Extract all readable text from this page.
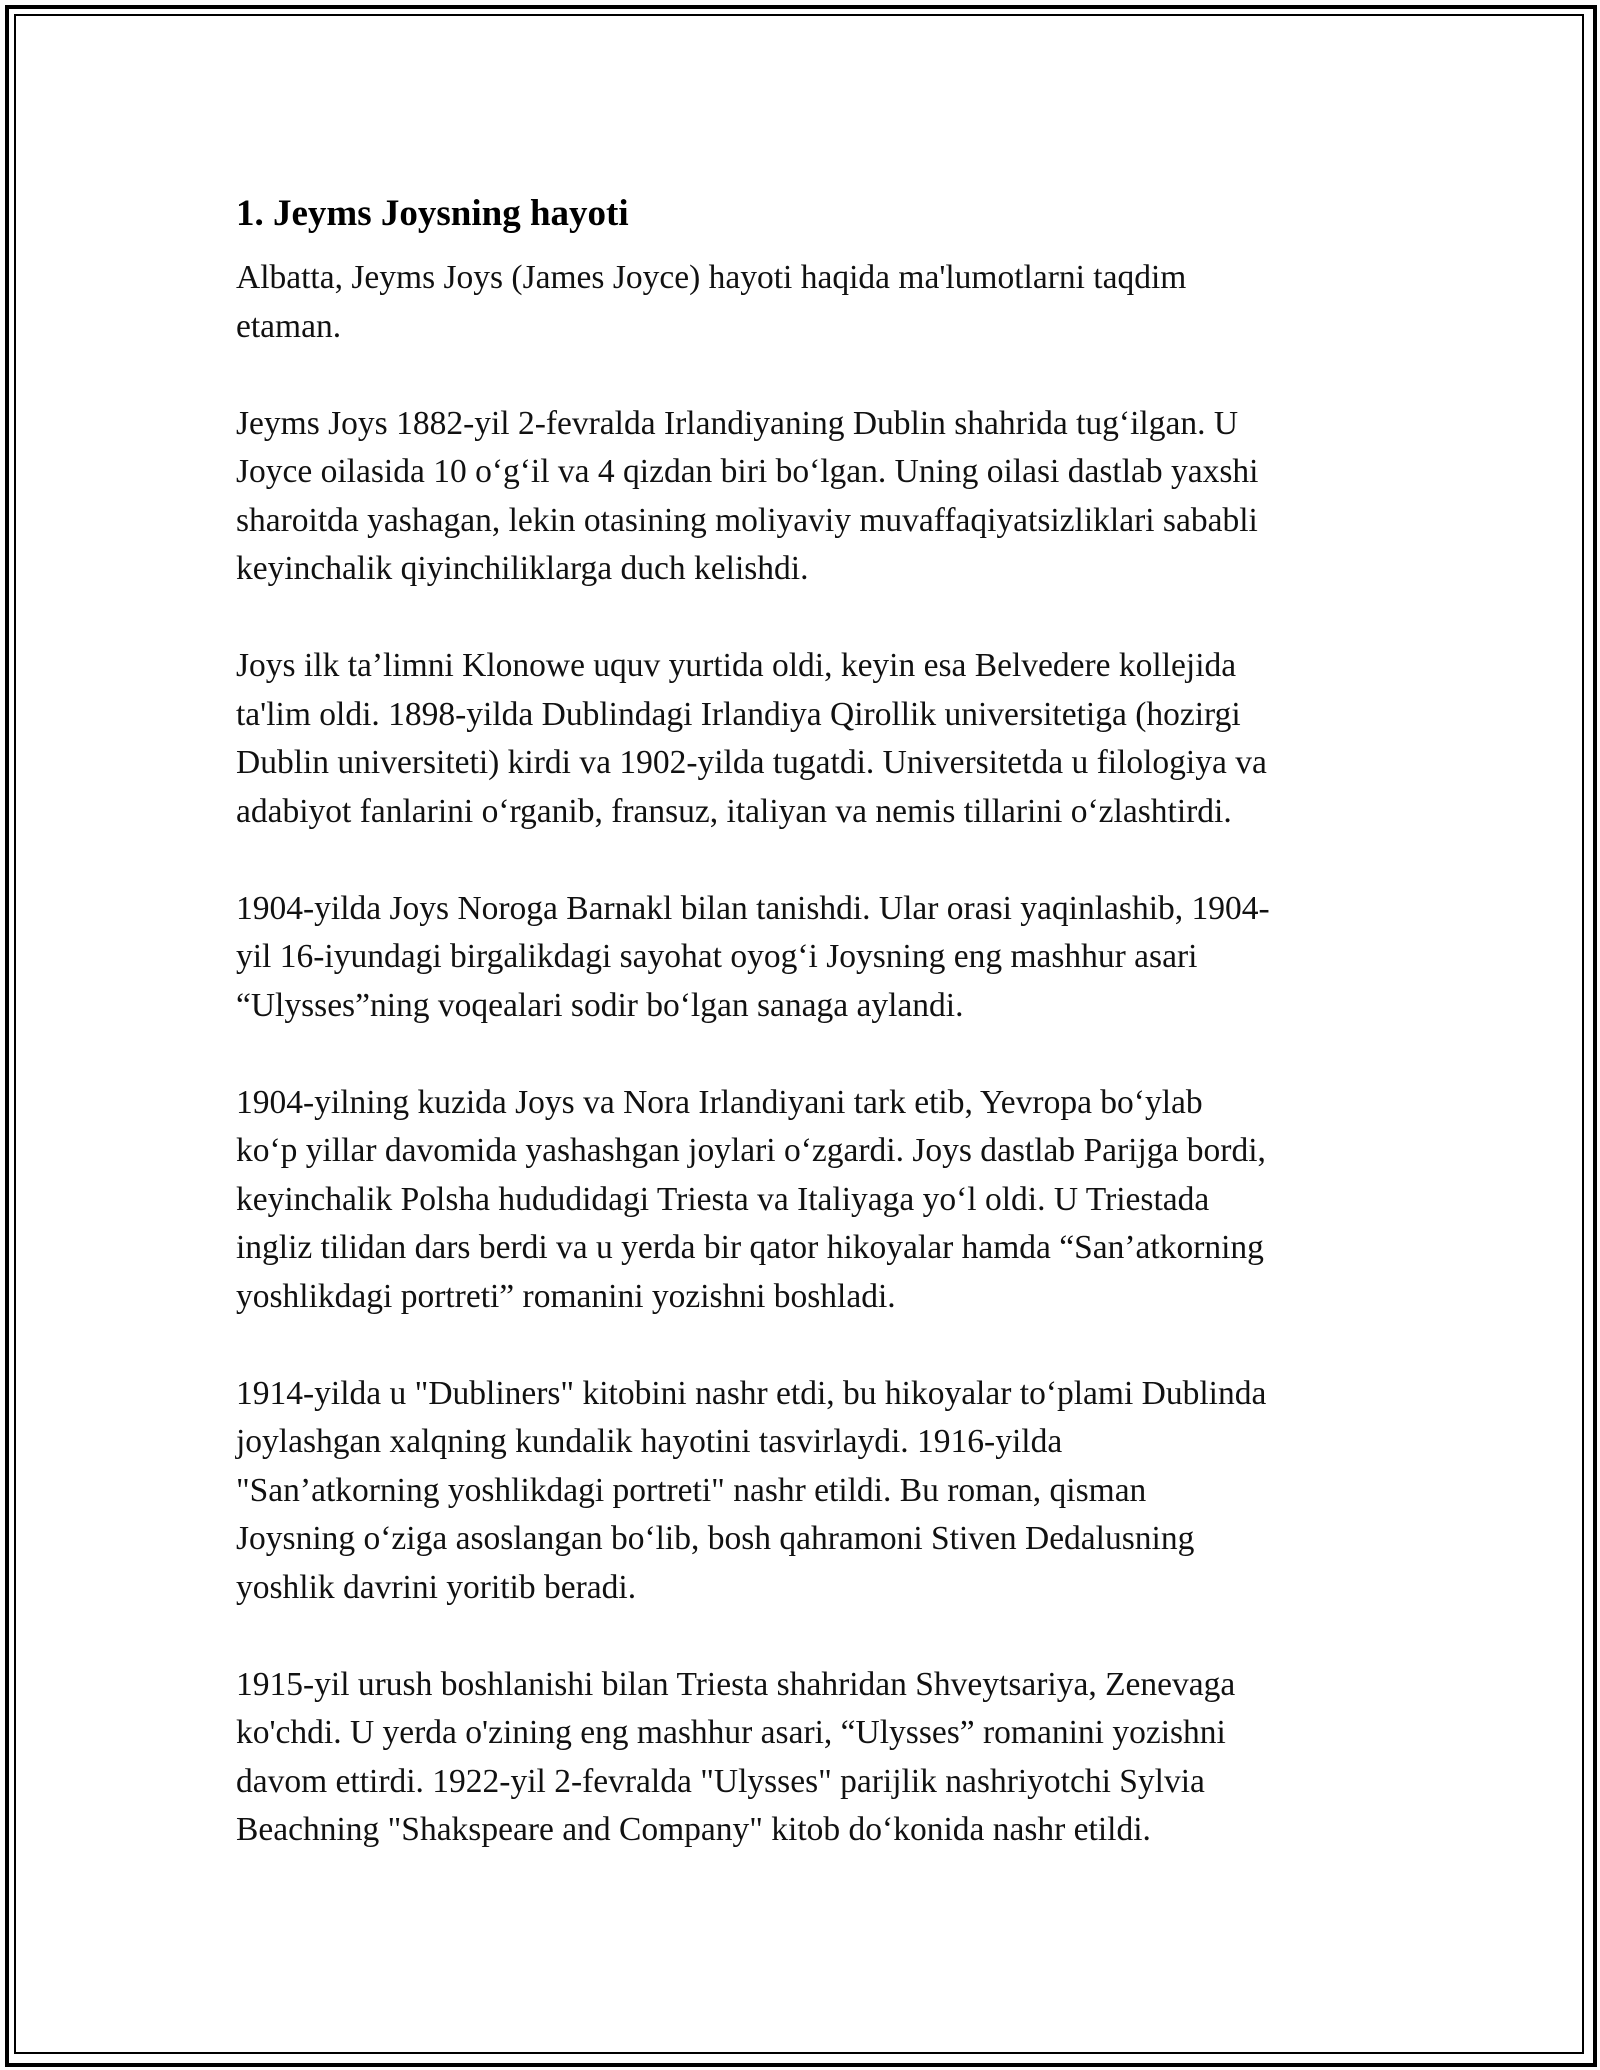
1. Jeyms Joysning hayoti

Albatta, Jeyms Joys (James Joyce) hayoti haqida ma'lumotlarni taqdim
etaman.

Jeyms Joys 1882-yil 2-fevralda Irlandiyaning Dublin shahrida tug‘ilgan. U
Joyce oilasida 10 o‘g‘il va 4 qizdan biri bo‘lgan. Uning oilasi dastlab yaxshi
sharoitda yashagan, lekin otasining moliyaviy muvaffaqiyatsizliklari sababli
keyinchalik qiyinchiliklarga duch kelishdi.

Joys ilk ta’limni Klonowe uquv yurtida oldi, keyin esa Belvedere kollejida
ta'lim oldi. 1898-yilda Dublindagi Irlandiya Qirollik universitetiga (hozirgi
Dublin universiteti) kirdi va 1902-yilda tugatdi. Universitetda u filologiya va
adabiyot fanlarini o‘rganib, fransuz, italiyan va nemis tillarini o‘zlashtirdi.

1904-yilda Joys Noroga Barnakl bilan tanishdi. Ular orasi yaqinlashib, 1904-
yil 16-iyundagi birgalikdagi sayohat oyog‘i Joysning eng mashhur asari
“Ulysses”ning voqealari sodir bo‘lgan sanaga aylandi.

1904-yilning kuzida Joys va Nora Irlandiyani tark etib, Yevropa bo‘ylab
ko‘p yillar davomida yashashgan joylari o‘zgardi. Joys dastlab Parijga bordi,
keyinchalik Polsha hududidagi Triesta va Italiyaga yo‘l oldi. U Triestada
ingliz tilidan dars berdi va u yerda bir qator hikoyalar hamda “San’atkorning
yoshlikdagi portreti” romanini yozishni boshladi.

1914-yilda u "Dubliners" kitobini nashr etdi, bu hikoyalar to‘plami Dublinda
joylashgan xalqning kundalik hayotini tasvirlaydi. 1916-yilda
"San’atkorning yoshlikdagi portreti" nashr etildi. Bu roman, qisman
Joysning o‘ziga asoslangan bo‘lib, bosh qahramoni Stiven Dedalusning
yoshlik davrini yoritib beradi.

1915-yil urush boshlanishi bilan Triesta shahridan Shveytsariya, Zenevaga
ko'chdi. U yerda o'zining eng mashhur asari, “Ulysses” romanini yozishni
davom ettirdi. 1922-yil 2-fevralda "Ulysses" parijlik nashriyotchi Sylvia
Beachning "Shakspeare and Company" kitob do‘konida nashr etildi.
